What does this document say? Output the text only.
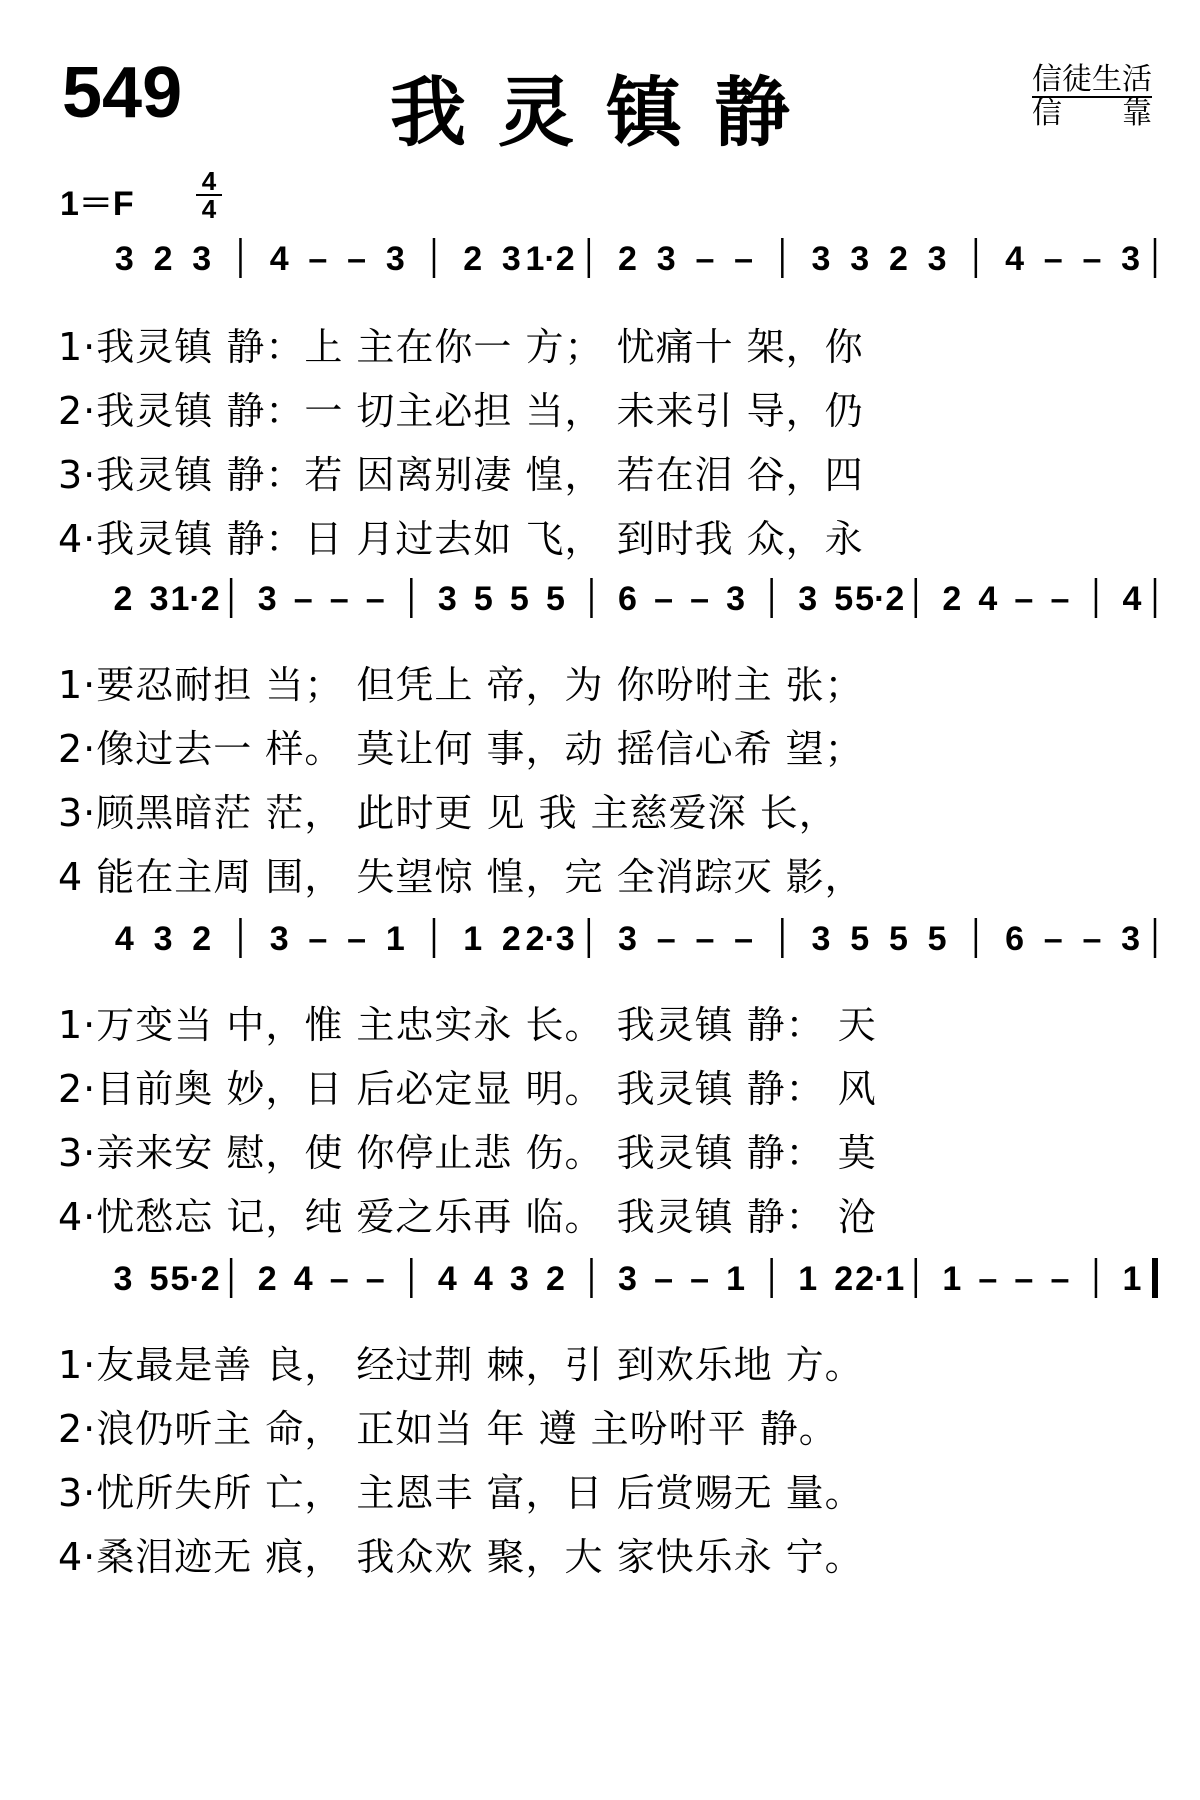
549	我灵镇静	信徒生活
信 靠
1＝F
4
4
3 2 3 4 – – 3 2 3 1·2 2 3 – – 3 3 2 3 4 – – 3
2 3 1·2 3 – – – 3 5 5 5 6 – – 3 3 5 5·2 2 4 – – 4
4 3 2 3 – – 1 1 2 2·3 3 – – – 3 5 5 5 6 – – 3
3 5 5·2 2 4 – – 4 4 3 2 3 – – 1 1 2 2·1 1 – – – 1
1·我灵镇 静：上 主在你一 方； 忧痛十 架，你
2·我灵镇 静：一 切主必担 当， 未来引 导，仍
3·我灵镇 静：若 因离别凄 惶， 若在泪 谷，四
4·我灵镇 静：日 月过去如 飞， 到时我 众，永
1·要忍耐担 当； 但凭上 帝，为 你吩咐主 张；
2·像过去一 样。 莫让何 事，动 摇信心希 望；
3·顾黑暗茫 茫， 此时更 见 我 主慈爱深 长，
4 能在主周 围， 失望惊 惶，完 全消踪灭 影，
1·万变当 中，惟 主忠实永 长。 我灵镇 静： 天
2·目前奥 妙，日 后必定显 明。 我灵镇 静： 风
3·亲来安 慰，使 你停止悲 伤。 我灵镇 静： 莫
4·忧愁忘 记，纯 爱之乐再 临。 我灵镇 静： 沧
1·友最是善 良， 经过荆 棘，引 到欢乐地 方。
2·浪仍听主 命， 正如当 年 遵 主吩咐平 静。
3·忧所失所 亡， 主恩丰 富，日 后赏赐无 量。
4·桑泪迹无 痕， 我众欢 聚，大 家快乐永 宁。
